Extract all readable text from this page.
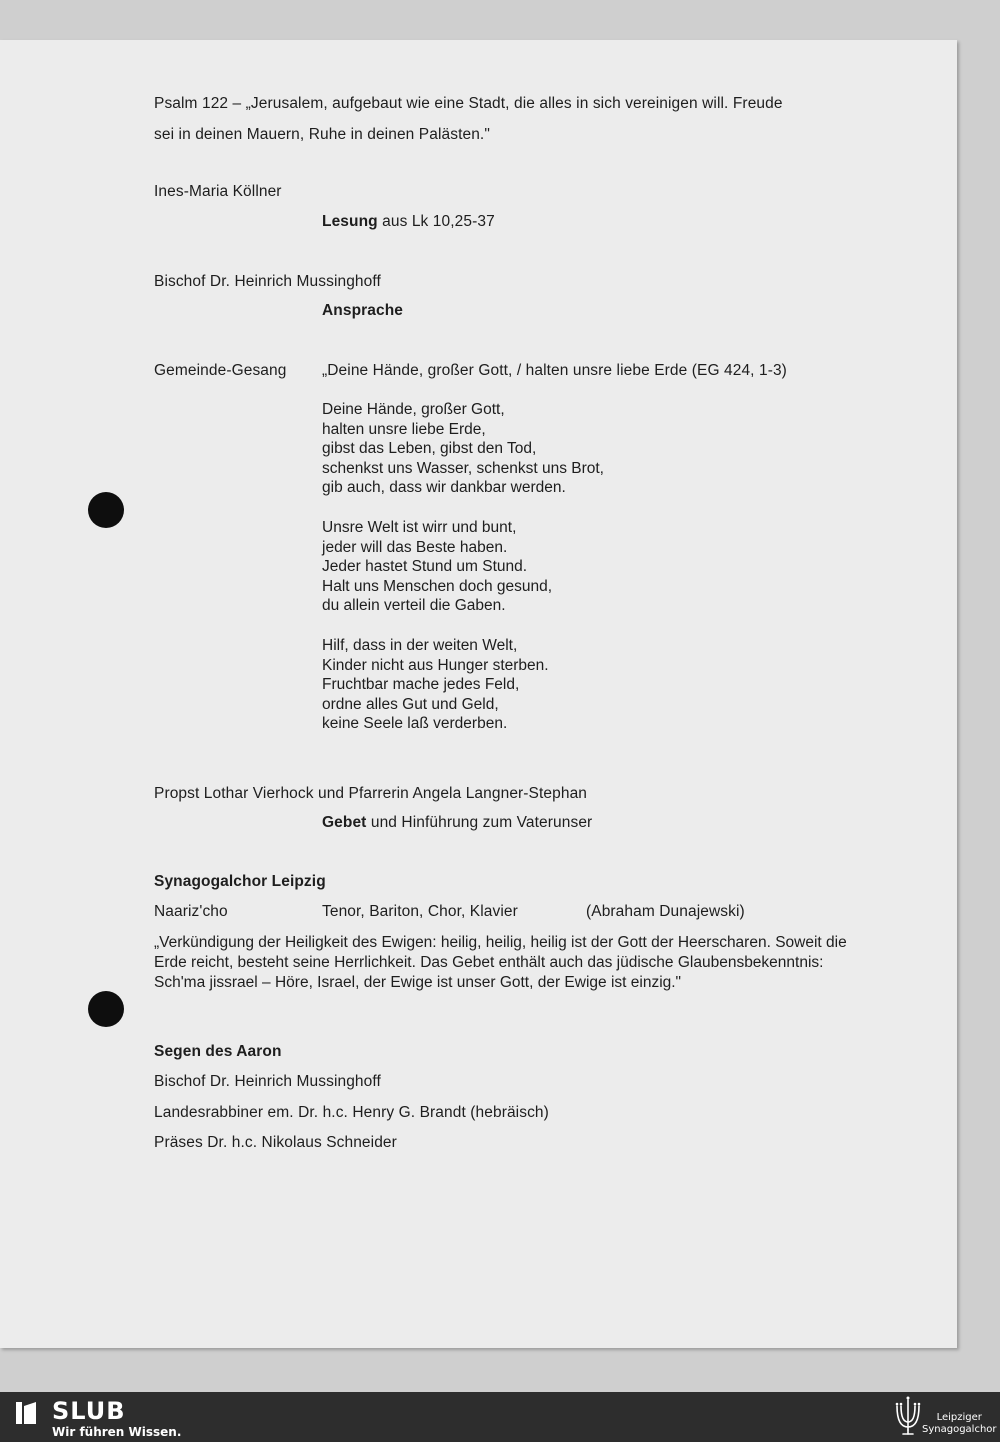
Psalm 122 – „Jerusalem, aufgebaut wie eine Stadt, die alles in sich vereinigen will. Freude
sei in deinen Mauern, Ruhe in deinen Palästen."
Ines-Maria Köllner
Lesung aus Lk 10,25-37
Bischof Dr. Heinrich Mussinghoff
Ansprache
Gemeinde-Gesang „Deine Hände, großer Gott, / halten unsre liebe Erde (EG 424, 1-3)
Deine Hände, großer Gott,
halten unsre liebe Erde,
gibst das Leben, gibst den Tod,
schenkst uns Wasser, schenkst uns Brot,
gib auch, dass wir dankbar werden.
Unsre Welt ist wirr und bunt,
jeder will das Beste haben.
Jeder hastet Stund um Stund.
Halt uns Menschen doch gesund,
du allein verteil die Gaben.
Hilf, dass in der weiten Welt,
Kinder nicht aus Hunger sterben.
Fruchtbar mache jedes Feld,
ordne alles Gut und Geld,
keine Seele laß verderben.
Propst Lothar Vierhock und Pfarrerin Angela Langner-Stephan
Gebet und Hinführung zum Vaterunser
Synagogalchor Leipzig
Naariz'cho	Tenor, Bariton, Chor, Klavier	(Abraham Dunajewski)
„Verkündigung der Heiligkeit des Ewigen: heilig, heilig, heilig ist der Gott der Heerscharen. Soweit die Erde reicht, besteht seine Herrlichkeit. Das Gebet enthält auch das jüdische Glaubensbekenntnis: Sch'ma jissrael – Höre, Israel, der Ewige ist unser Gott, der Ewige ist einzig."
Segen des Aaron
Bischof Dr. Heinrich Mussinghoff
Landesrabbiner em. Dr. h.c. Henry G. Brandt (hebräisch)
Präses Dr. h.c. Nikolaus Schneider
SLUB
Wir führen Wissen.
Leipziger
Synagogalchor
